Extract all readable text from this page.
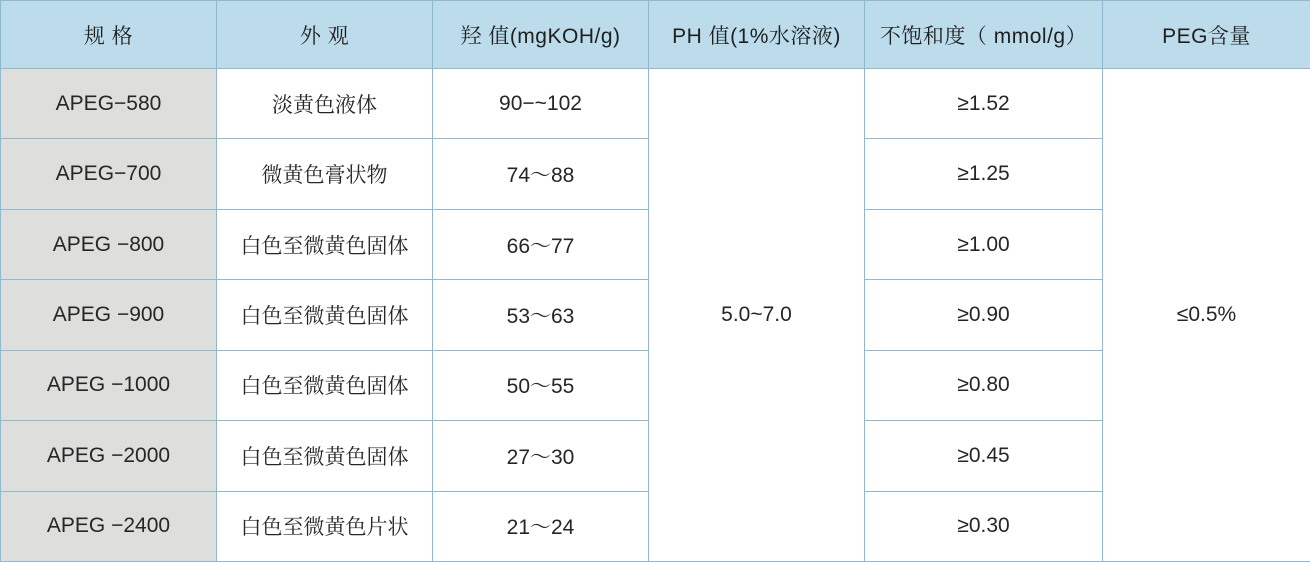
规 格	外 观	羟 值(mgKOH/g)	PH 值(1%水溶液)	不饱和度（ mmol/g）	PEG含量
APEG−580	淡黄色液体	90−~102	5.0~7.0	≥1.52	≤0.5%
APEG−700	微黄色膏状物	74～88		≥1.25	
APEG −800	白色至微黄色固体	66～77		≥1.00	
APEG −900	白色至微黄色固体	53～63		≥0.90	
APEG −1000	白色至微黄色固体	50～55		≥0.80	
APEG −2000	白色至微黄色固体	27～30		≥0.45	
APEG −2400	白色至微黄色片状	21～24		≥0.30	
